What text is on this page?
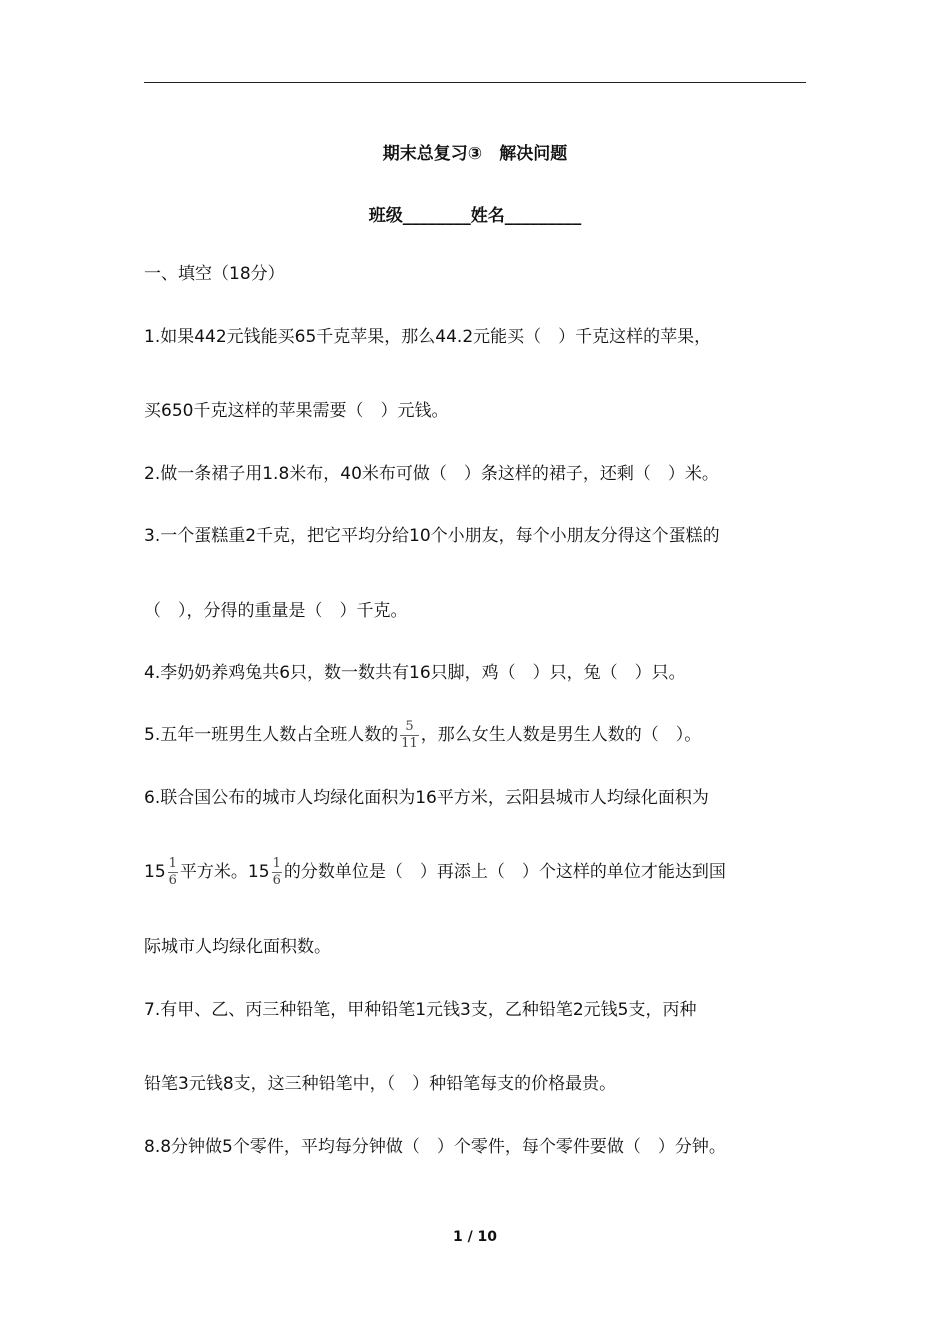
期末总复习③　解决问题
班级________姓名_________
一、填空（18分）
1.如果442元钱能买65千克苹果，那么44.2元能买（　）千克这样的苹果，
买650千克这样的苹果需要（　）元钱。
2.做一条裙子用1.8米布，40米布可做（　）条这样的裙子，还剩（　）米。
3.一个蛋糕重2千克，把它平均分给10个小朋友，每个小朋友分得这个蛋糕的
（　），分得的重量是（　）千克。
4.李奶奶养鸡兔共6只，数一数共有16只脚，鸡（　）只，兔（　）只。
5.五年一班男生人数占全班人数的 $\frac{5}{11}$ ，那么女生人数是男生人数的（　）。
6.联合国公布的城市人均绿化面积为16平方米，云阳县城市人均绿化面积为
$15 \frac{1}{6}$ 平方米。$15 \frac{1}{6}$ 的分数单位是（　）再添上（　）个这样的单位才能达到国
际城市人均绿化面积数。
7.有甲、乙、丙三种铅笔，甲种铅笔1元钱3支，乙种铅笔2元钱5支，丙种
铅笔3元钱8支，这三种铅笔中，（　）种铅笔每支的价格最贵。
8.8分钟做5个零件，平均每分钟做（　）个零件，每个零件要做（　）分钟。
1 / 10
